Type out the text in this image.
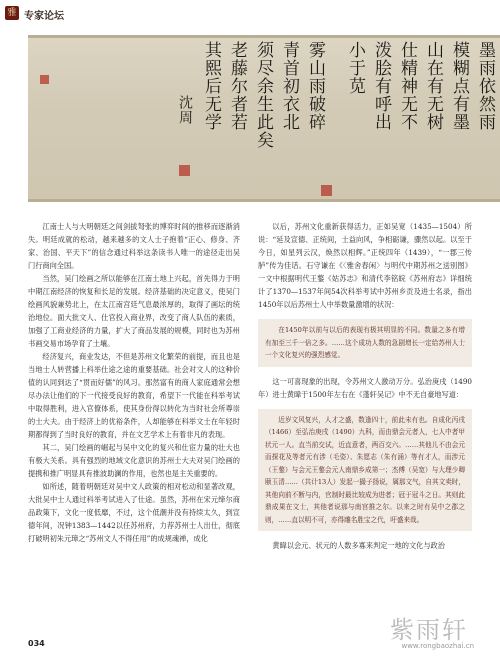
雅 专家论坛
墨雨依然雨
模糊点有墨
山在有无树
仕精神无不
泼脍有呼出
小于苋
雾山雨破碎
青首初衣北
须尽余生此矣
老藤尔者若
其熙后无学
沈周

江南士人与大明朝廷之间剑拔弩张的博弈时间的推移而逐渐消失。明廷成就的松动，越来越多的文人士子抱着“正心、修身、齐家、治国、平天下”的信念通过科举这条读书人唯一的途径走出吴门行商向全国。

当然，吴门绘画之所以能够在江南土地上兴起，首先得力于明中期江南经济的恢复和长足的发展。经济基础的决定意义，使吴门绘画风貌兼势北上，在太江南宫廷气息最浓厚的，取得了画坛的统治地位。面大批文人、仕官投入商业界，改变了商人队伍的素质，加强了工商业经济的力量，扩大了商品发展的规模，同时也为苏州书画交易市场孕育了土壤。

经济复兴，商业发达，不但是苏州文化繁荣的前提，而且也是当地士人转营播上科举仕途之途的重要基础。社会对文人的这种价值的认同到达了“贯而好儒”的风习。那然富有的商人家庭通常会想尽办法让他们的下一代接受良好的教育，希望下一代能在科举考试中取得胜利，进入官僚体系，使其身份得以转化为当时社会所尊崇的士大夫。由于经济上的优裕条件，人却能够在科举文士在年轻时期都得到了当时良好的教育，并在文艺学术上有着非凡的表现。

其二，吴门绘画的崛起与吴中文化的复兴和仕宦力量的壮大也有极大关系。具有强烈的地域文化意识的苏州士大夫对吴门绘画的提携和推广明显具有推波助澜的作用，也然也是主关重要的。

如所述，随着明朝廷对吴中文人政策的相对松动和显著改观，大批吴中士人通过科举考试进入了仕途。虽然，苏州在宋元缔尔商品政策下，文化一度低靡，不过，这个低潮并没有持续太久，到宣德年间，况钟1383—1442以任苏州府，力荐苏州士人出仕，彻底打破明初朱元璋之“苏州文人不得任用”的成规魂禅，成化

以后，苏州文化重新获得活力，正如吴宽（1435—1504）所说：“延及宣德、正统间，士益向风，争相砺谦，骤然以起。以至于今日，如星列云汉，焕然以相辉。”正统四年（1439），“一郡三传胪”传为佳话。石守谦在《〈雅舍春闲〉与明代中期苏州之送别图》一文中根据明代王鏊《姑苏志》和清代李铭皖《苏州府志》详细统计了1370—1537年间54次科举考试中苏州乡贡及进士名录，指出1450年以后苏州士人中举数量激增的状况：

在1450年以前与以后的表现有极其明显的不同。数量之多有增有加至三千一倍之多。……这个成功人数的急剧增长一定给苏州人士一个文化复兴的强烈感觉。

这一可喜现象的出现，令苏州文人激动万分。弘治庚戌（1490年）进士黄暐于1500年左右在《蓬轩吴记》中不无自豪地写道：

近岁文风复兴，人才之盛，数逢四十，前此未有也。自成化丙戌（1466）至弘治庚戌（1490）九科，而由鼎会元者人，七人中者甲状元一人。直当前交试，近直意者，两百交六。……其他儿不由会元而探花及等者元有涉（毛姿）、朱愿志（朱有涌）等有才人，而涉元（王鏊）与会元王鏊会元人南鼎乡成第一；杰傅（吴宽）与大理少卿颐玉清……（共计13人）发起一撮子扬说，属那文气，自其文卖时，其他向前不断与内，官制时最比较成为进者；冠于冠斗之日。其则此鼎成果在文士，其他者说那与南宫推之尔。以来之时有吴中之郡之则，……直以明不可，亦得雕名胜宝之代，吁盛来哉。

黄暐以会元、状元的人数多寡来判定一地的文化与政治

034	紫雨轩
www.rongbaozhai.cn
